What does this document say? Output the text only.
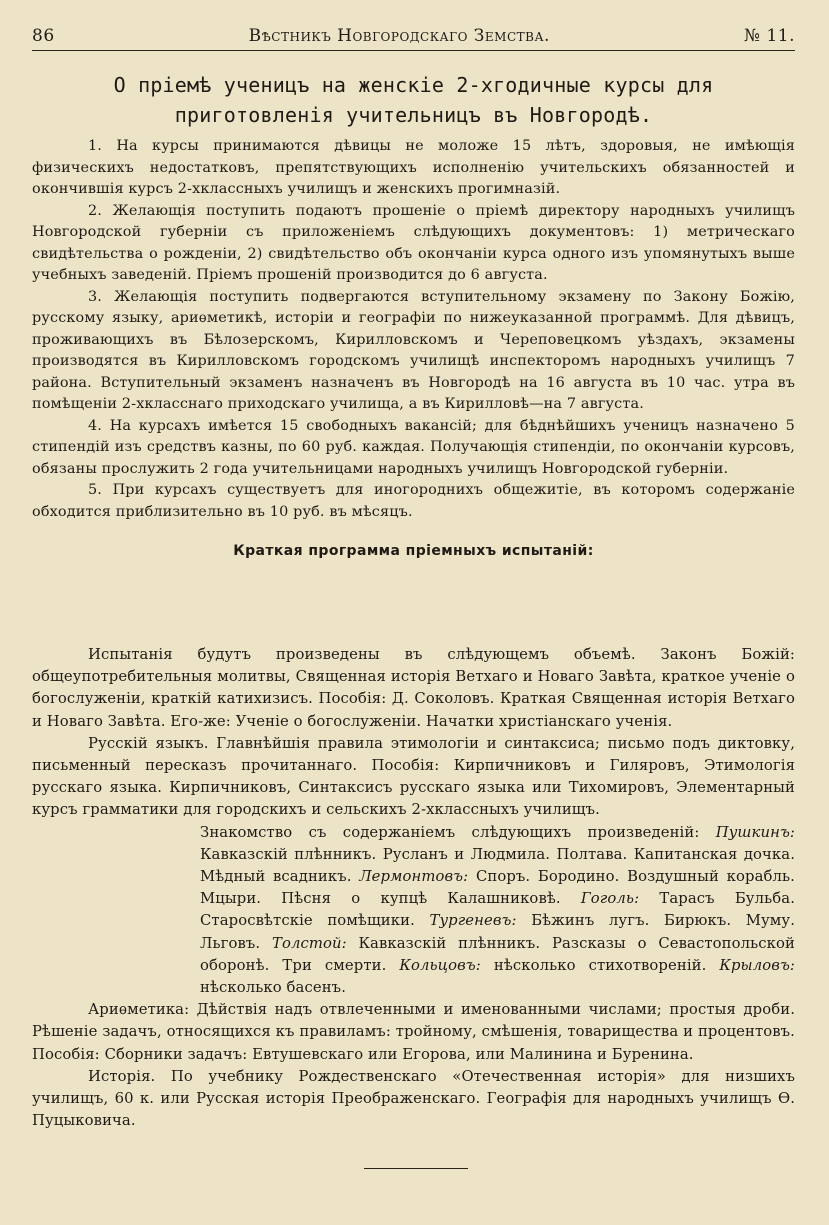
86	Вѣстникъ Новгородскаго Земства.	№ 11.
О пріемѣ ученицъ на женскіе 2-хгодичные курсы для приготовленія учительницъ въ Новгородѣ.

1. На курсы принимаются дѣвицы не моложе 15 лѣтъ, здоровыя, не имѣющія физическихъ недостатковъ, препятствующихъ исполненію учительскихъ обязанностей и окончившія курсъ 2-хклассныхъ училищъ и женскихъ прогимназій.

2. Желающія поступить подаютъ прошеніе о пріемѣ директору народныхъ училищъ Новгородской губерніи съ приложеніемъ слѣдующихъ документовъ: 1) метрическаго свидѣтельства о рожденіи, 2) свидѣтельство объ окончаніи курса одного изъ упомянутыхъ выше учебныхъ заведеній. Пріемъ прошеній производится до 6 августа.

3. Желающія поступить подвергаются вступительному экзамену по Закону Божію, русскому языку, ариѳметикѣ, исторіи и географіи по нижеуказанной программѣ. Для дѣвицъ, проживающихъ въ Бѣлозерскомъ, Кирилловскомъ и Череповецкомъ уѣздахъ, экзамены производятся въ Кирилловскомъ городскомъ училищѣ инспекторомъ народныхъ училищъ 7 района. Вступительный экзаменъ назначенъ въ Новгородѣ на 16 августа въ 10 час. утра въ помѣщеніи 2-хкласснаго приходскаго училища, а въ Кирилловѣ—на 7 августа.

4. На курсахъ имѣется 15 свободныхъ вакансій; для бѣднѣйшихъ ученицъ назначено 5 стипендій изъ средствъ казны, по 60 руб. каждая. Получающія стипендіи, по окончаніи курсовъ, обязаны прослужить 2 года учительницами народныхъ училищъ Новгородской губерніи.

5. При курсахъ существуетъ для иногороднихъ общежитіе, въ которомъ содержаніе обходится приблизительно въ 10 руб. въ мѣсяцъ.

Краткая программа пріемныхъ испытаній:

Испытанія будутъ произведены въ слѣдующемъ объемѣ. Законъ Божій: общеупотребительныя молитвы, Священная исторія Ветхаго и Новаго Завѣта, краткое ученіе о богослуженіи, краткій катихизисъ. Пособія: Д. Соколовъ. Краткая Священная исторія Ветхаго и Новаго Завѣта. Его-же: Ученіе о богослуженіи. Начатки христіанскаго ученія.

Русскій языкъ. Главнѣйшія правила этимологіи и синтаксиса; письмо подъ диктовку, письменный пересказъ прочитаннаго. Пособія: Кирпичниковъ и Гиляровъ, Этимологія русскаго языка. Кирпичниковъ, Синтаксисъ русскаго языка или Тихомировъ, Элементарный курсъ грамматики для городскихъ и сельскихъ 2-хклассныхъ училищъ.

Знакомство съ содержаніемъ слѣдующихъ произведеній: Пушкинъ: Кавказскій плѣнникъ. Русланъ и Людмила. Полтава. Капитанская дочка. Мѣдный всадникъ. Лермонтовъ: Споръ. Бородино. Воздушный корабль. Мцыри. Пѣсня о купцѣ Калашниковѣ. Гоголь: Тарасъ Бульба. Старосвѣтскіе помѣщики. Тургеневъ: Бѣжинъ лугъ. Бирюкъ. Муму. Льговъ. Толстой: Кавказскій плѣнникъ. Разсказы о Севастопольской оборонѣ. Три смерти. Кольцовъ: нѣсколько стихотвореній. Крыловъ: нѣсколько басенъ.

Ариѳметика: Дѣйствія надъ отвлеченными и именованными числами; простыя дроби. Рѣшеніе задачъ, относящихся къ правиламъ: тройному, смѣшенія, товарищества и процентовъ. Пособія: Сборники задачъ: Евтушевскаго или Егорова, или Малинина и Буренина.

Исторія. По учебнику Рождественскаго «Отечественная исторія» для низшихъ училищъ, 60 к. или Русская исторія Преображенскаго. Географія для народныхъ училищъ Ѳ. Пуцыковича.
